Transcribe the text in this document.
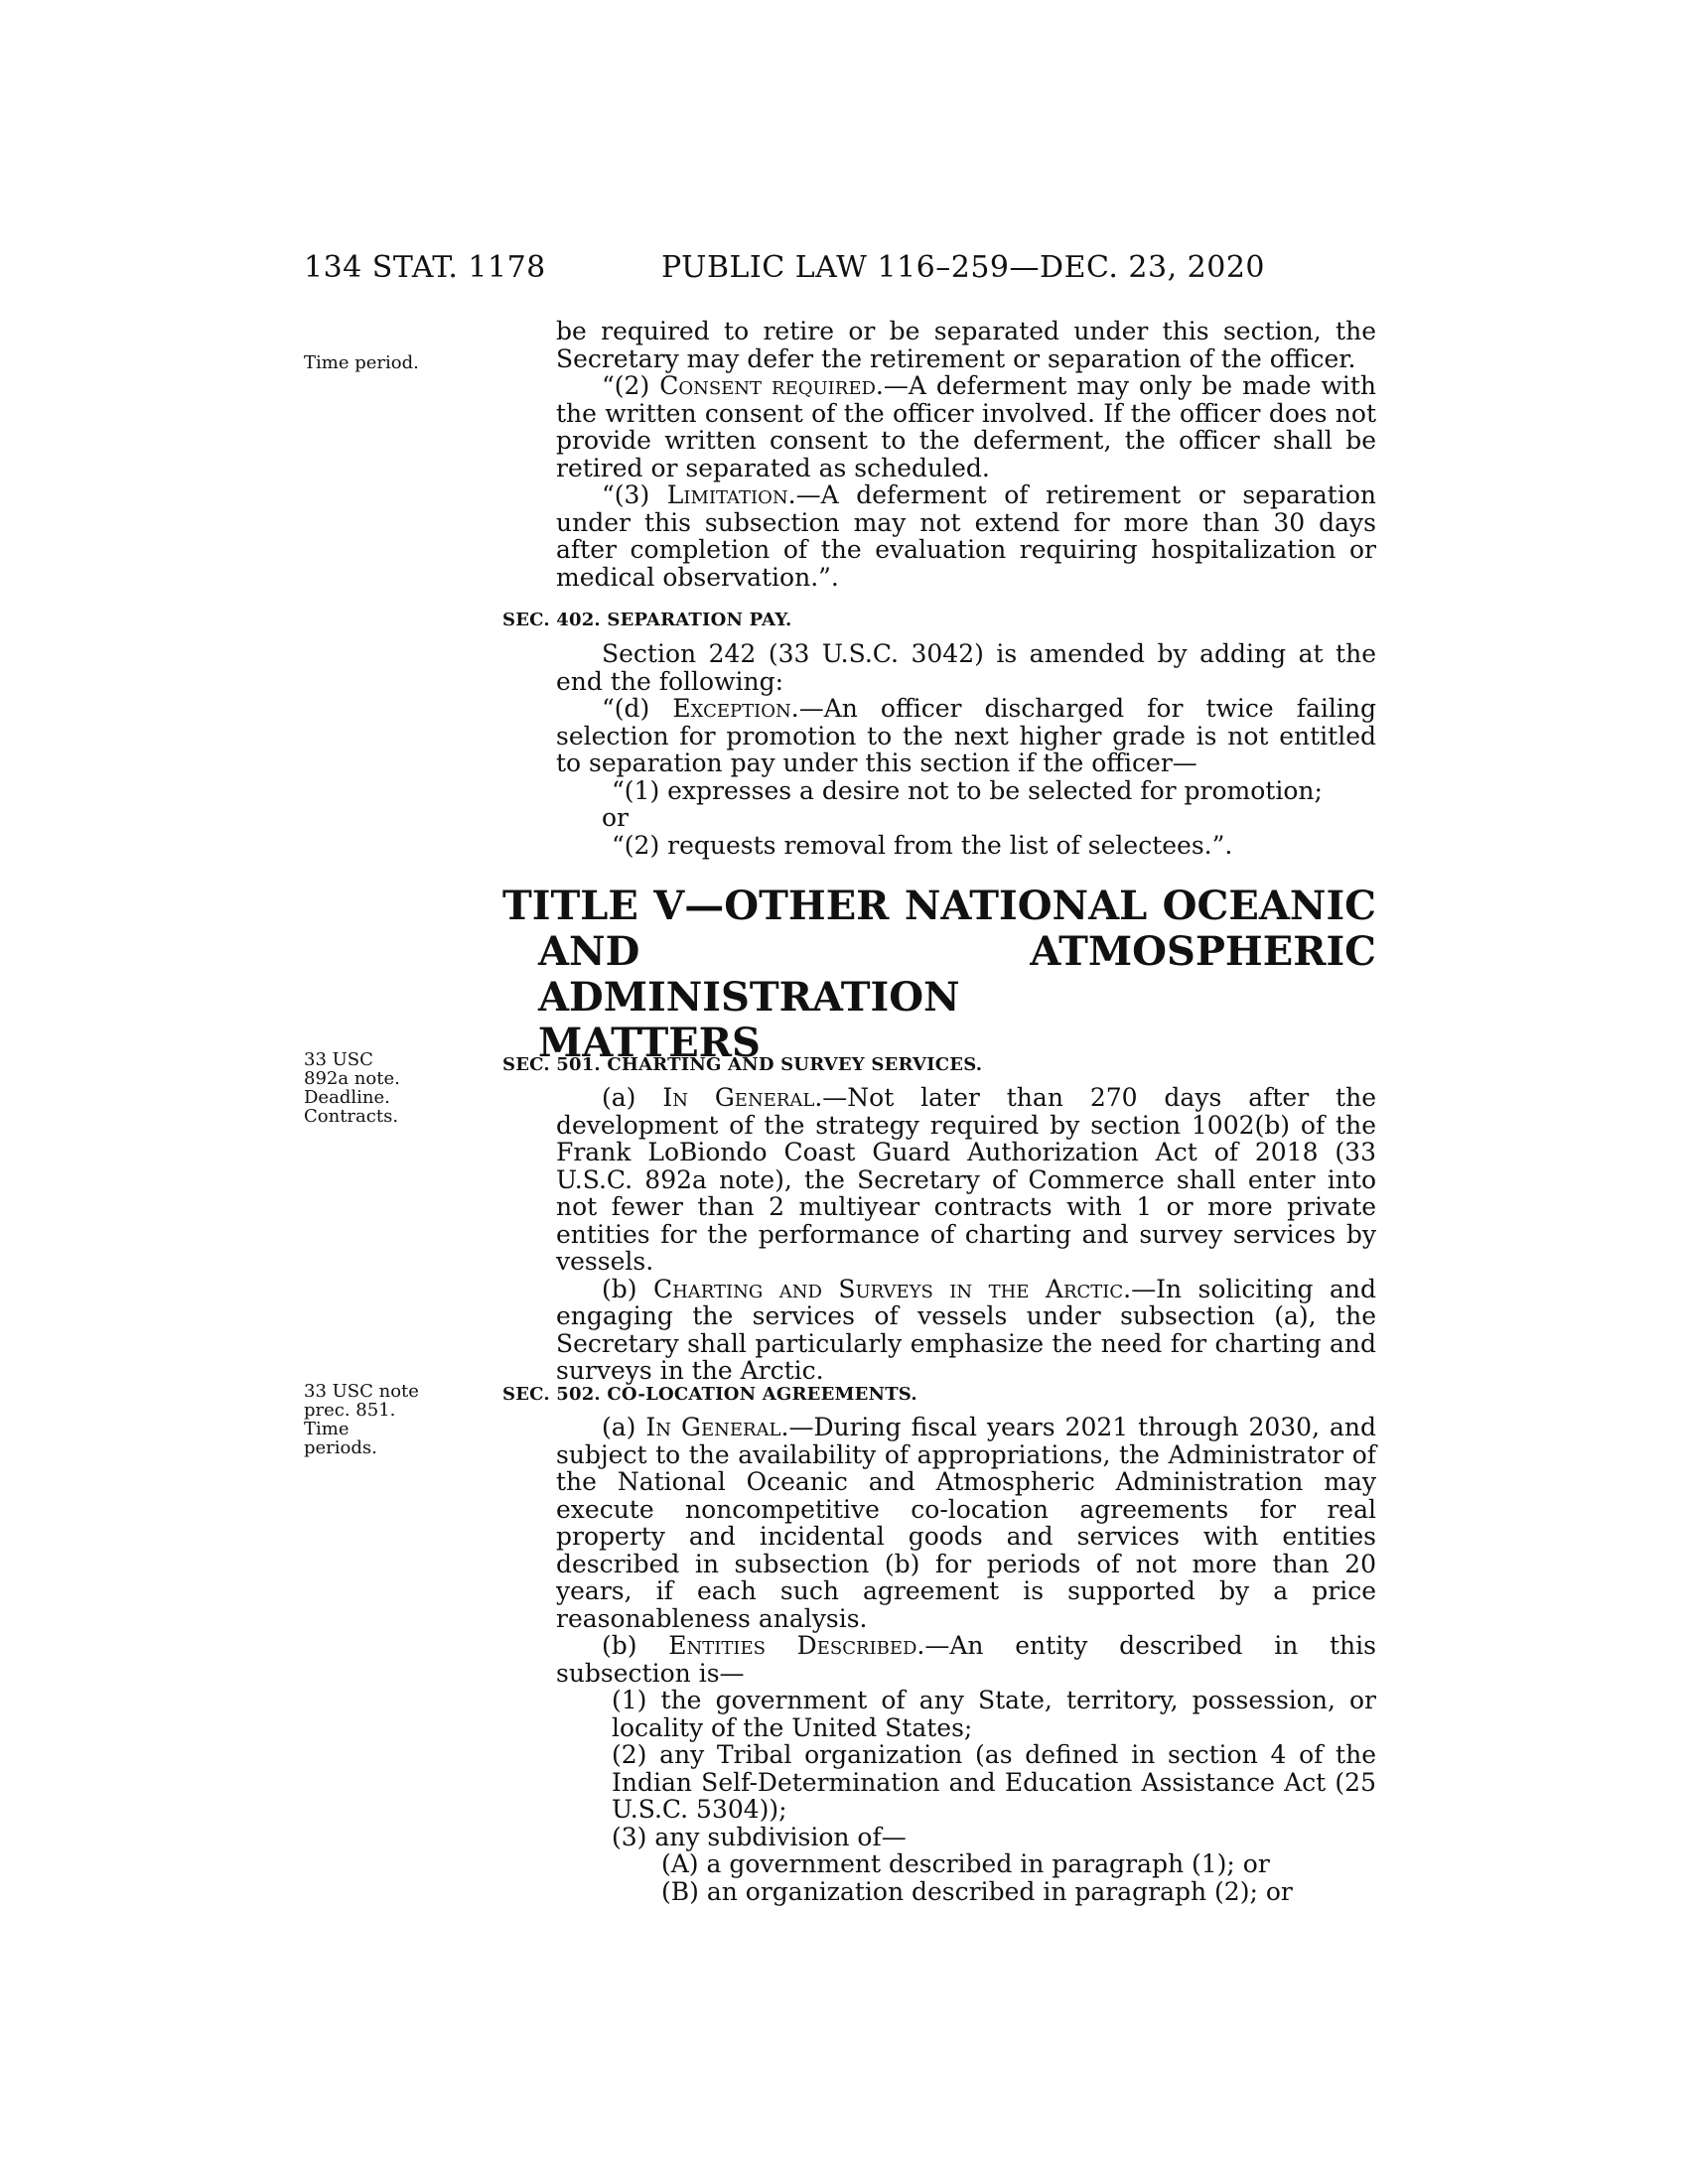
134 STAT. 1178	PUBLIC LAW 116–259—DEC. 23, 2020
Time period.
33 USC 892a note. Deadline. Contracts.
33 USC note prec. 851. Time periods.

be required to retire or be separated under this section, the Secretary may defer the retirement or separation of the officer.

“(2) Consent required.—A deferment may only be made with the written consent of the officer involved. If the officer does not provide written consent to the deferment, the officer shall be retired or separated as scheduled.

“(3) Limitation.—A deferment of retirement or separation under this subsection may not extend for more than 30 days after completion of the evaluation requiring hospitalization or medical observation.”.

SEC. 402. SEPARATION PAY.

Section 242 (33 U.S.C. 3042) is amended by adding at the end the following:

“(d) Exception.—An officer discharged for twice failing selection for promotion to the next higher grade is not entitled to separation pay under this section if the officer—

“(1) expresses a desire not to be selected for promotion;

or

“(2) requests removal from the list of selectees.”.

TITLE V—OTHER NATIONAL OCEANIC
AND ATMOSPHERIC ADMINISTRATION
MATTERS
SEC. 501. CHARTING AND SURVEY SERVICES.

(a) In General.—Not later than 270 days after the development of the strategy required by section 1002(b) of the Frank LoBiondo Coast Guard Authorization Act of 2018 (33 U.S.C. 892a note), the Secretary of Commerce shall enter into not fewer than 2 multiyear contracts with 1 or more private entities for the performance of charting and survey services by vessels.

(b) Charting and Surveys in the Arctic.—In soliciting and engaging the services of vessels under subsection (a), the Secretary shall particularly emphasize the need for charting and surveys in the Arctic.

SEC. 502. CO-LOCATION AGREEMENTS.

(a) In General.—During fiscal years 2021 through 2030, and subject to the availability of appropriations, the Administrator of the National Oceanic and Atmospheric Administration may execute noncompetitive co-location agreements for real property and incidental goods and services with entities described in subsection (b) for periods of not more than 20 years, if each such agreement is supported by a price reasonableness analysis.

(b) Entities Described.—An entity described in this subsection is—

(1) the government of any State, territory, possession, or locality of the United States;

(2) any Tribal organization (as defined in section 4 of the Indian Self-Determination and Education Assistance Act (25 U.S.C. 5304));

(3) any subdivision of—

(A) a government described in paragraph (1); or

(B) an organization described in paragraph (2); or
